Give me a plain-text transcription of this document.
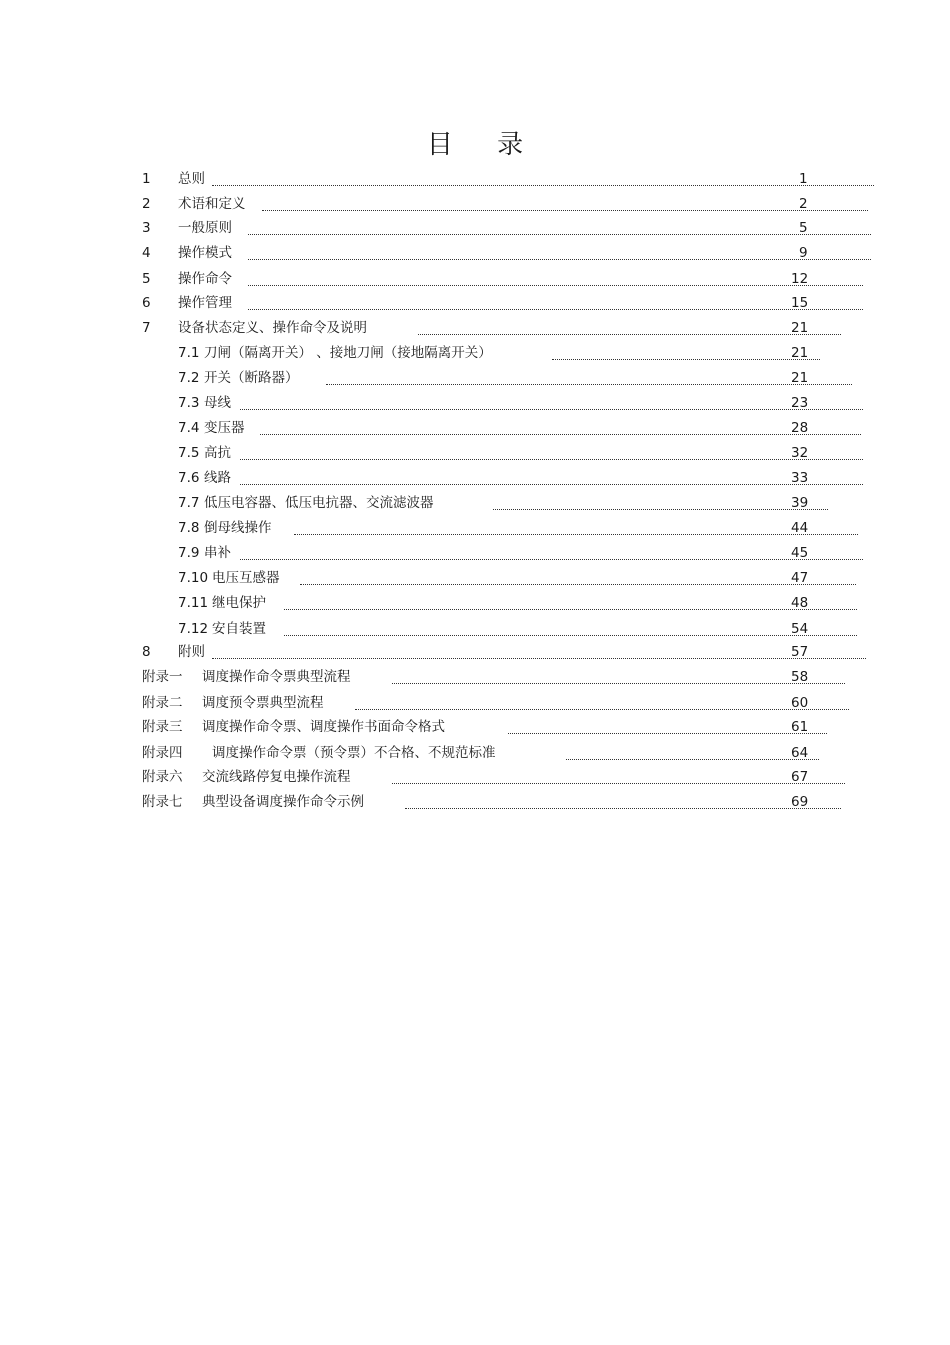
目 录
1 总则	1
2 术语和定义	2
3 一般原则	5
4 操作模式	9
5 操作命令	12
6 操作管理	15
7 设备状态定义、操作命令及说明	21
7.1 刀闸（隔离开关） 、接地刀闸（接地隔离开关）	21
7.2 开关（断路器）	21
7.3 母线	23
7.4 变压器	28
7.5 高抗	32
7.6 线路	33
7.7 低压电容器、低压电抗器、交流滤波器	39
7.8 倒母线操作	44
7.9 串补	45
7.10 电压互感器	47
7.11 继电保护	48
7.12 安自装置	54
8 附则	57
附录一 调度操作命令票典型流程	58
附录二 调度预令票典型流程	60
附录三 调度操作命令票、调度操作书面命令格式	61
附录四 调度操作命令票（预令票）不合格、不规范标准	64
附录六 交流线路停复电操作流程	67
附录七 典型设备调度操作命令示例	69
